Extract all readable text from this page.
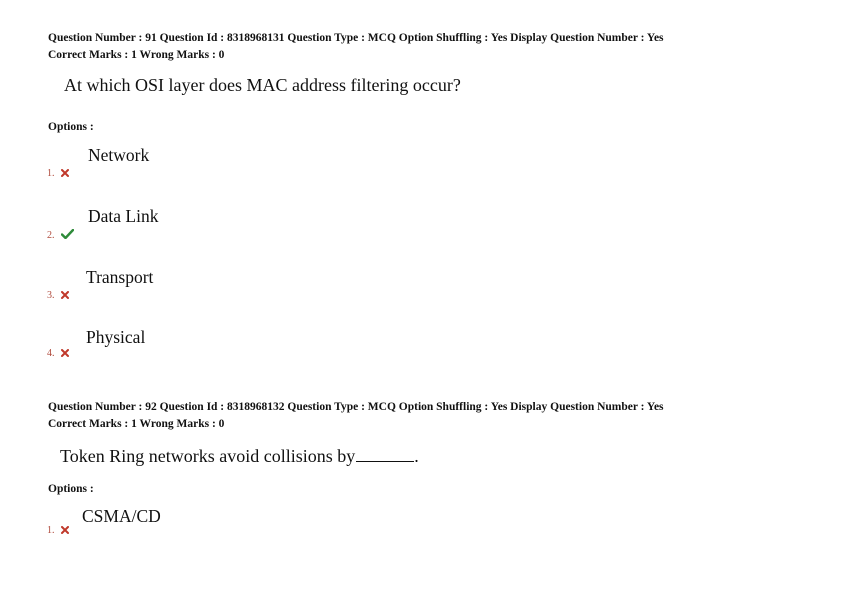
Question Number : 91 Question Id : 8318968131 Question Type : MCQ Option Shuffling : Yes Display Question Number : Yes
Correct Marks : 1 Wrong Marks : 0
At which OSI layer does MAC address filtering occur?
Options :
Network
1.
Data Link
2.
Transport
3.
Physical
4.
Question Number : 92 Question Id : 8318968132 Question Type : MCQ Option Shuffling : Yes Display Question Number : Yes
Correct Marks : 1 Wrong Marks : 0
Token Ring networks avoid collisions by	.
Options :
CSMA/CD
1.
